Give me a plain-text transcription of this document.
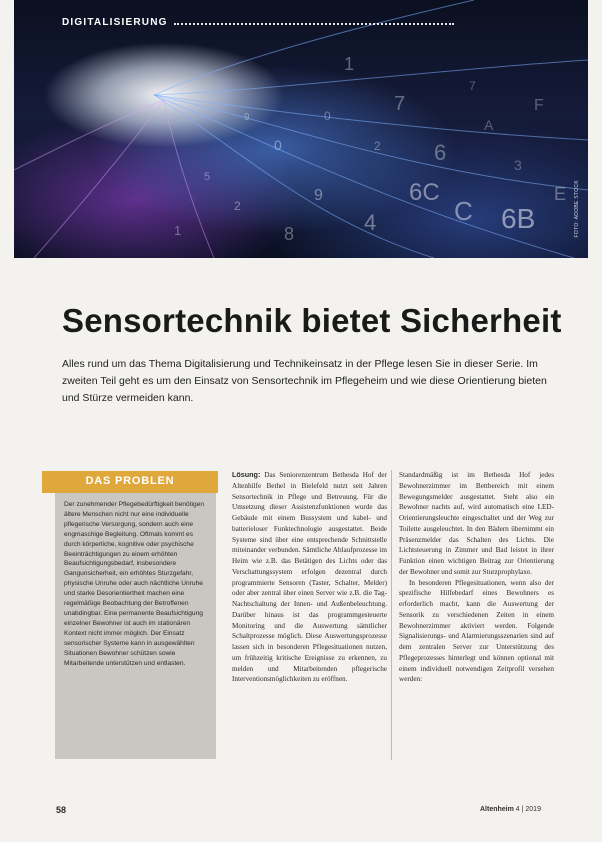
1
7
0	6
9
A
2
4	C
6C
6B
8
F
5
3
1
0
E
9
7
2
DIGITALISIERUNG
FOTO: ADOBE STOCK
Sensortechnik bietet Sicherheit
Alles rund um das Thema Digitalisierung und Technikeinsatz in der Pflege lesen Sie in dieser Serie. Im zweiten Teil geht es um den Einsatz von Sensortechnik im Pflegeheim und wie diese Orientierung bieten und Stürze vermeiden kann.
DAS PROBLEN
Der zunehmender Pflegebedürftigkeit benötigen ältere Menschen nicht nur eine individuelle pflegerische Versorgung, sondern auch eine engmaschige Begleitung. Oftmals kommt es durch körperliche, kognitive oder psychische Beeinträchtigungen zu einem erhöhten Beaufsichtigungsbedarf, insbesondere Gangunsicherheit, ein erhöhtes Sturzgefahr, physische Unruhe oder auch nächtliche Unruhe und starke Desorientiertheit machen eine regelmäßige Beobachtung der Betroffenen unabdingbar. Eine permanente Beaufsichtigung einzelner Bewohner ist auch im stationären Kontext nicht immer möglich. Der Einsatz sensorischer Systeme kann in ausgewählten Situationen Bewohner schützen sowie Mitarbeitende unterstützen und entlasten.

Lösung: Das Seniorenzentrum Bethesda Hof der Altenhilfe Bethel in Bielefeld nutzt seit Jahren Sensortechnik in Pflege und Betreuung. Für die Umsetzung dieser Assistenzfunktionen wurde das Gebäude mit einem Bussystem und kabel- und batterieloser Funktechnologie ausgestattet. Beide Systeme sind über eine entsprechende Schnittstelle miteinander verbunden. Sämtliche Ablaufprozesse im Heim wie z.B. das Betätigen des Lichts oder das Verschattungssystem erfolgen dezentral durch programmierte Sensoren (Taster, Schalter, Melder) oder aber zentral über einen Server wie z.B. die Tag-Nachtschaltung der Innen- und Außenbeleuchtung. Darüber hinaus ist das programmgesteuerte Monitoring und die Auswertung sämtlicher Schaltprozesse möglich. Diese Auswertungsprozesse lassen sich in besonderen Pflegesituationen nutzen, um frühzeitig kritische Ereignisse zu erkennen, zu melden und Mitarbeitenden pflegerische Interventionsmöglichkeiten zu eröffnen.

Standardmäßig ist im Bethesda Hof jedes Bewohnerzimmer im Bettbereich mit einem Bewegungsmelder ausgestattet. Steht also ein Bewohner nachts auf, wird automatisch eine LED-Orientierungsleuchte eingeschaltet und der Weg zur Toilette ausgeleuchtet. In den Bädern übernimmt ein Präsenzmelder das Schalten des Lichts. Die Lichtsteuerung in Zimmer und Bad leistet in ihrer Funktion einen wichtigen Beitrag zur Orientierung der Bewohner und somit zur Sturzprophylaxe.

In besonderen Pflegesituationen, wenn also der spezifische Hilfebedarf eines Bewohners es erforderlich macht, kann die Auswertung der Sensorik zu verschiedenen Zeiten in einem Bewohnerzimmer aktiviert werden. Folgende Signalisierungs- und Alarmierungsszenarien sind auf dem zentralen Server zur Unterstützung des Pflegeprozesses hinterlegt und können optional mit einem individuell notwendigen Zeitprofil versehen werden:

58	Altenheim 4 | 2019
